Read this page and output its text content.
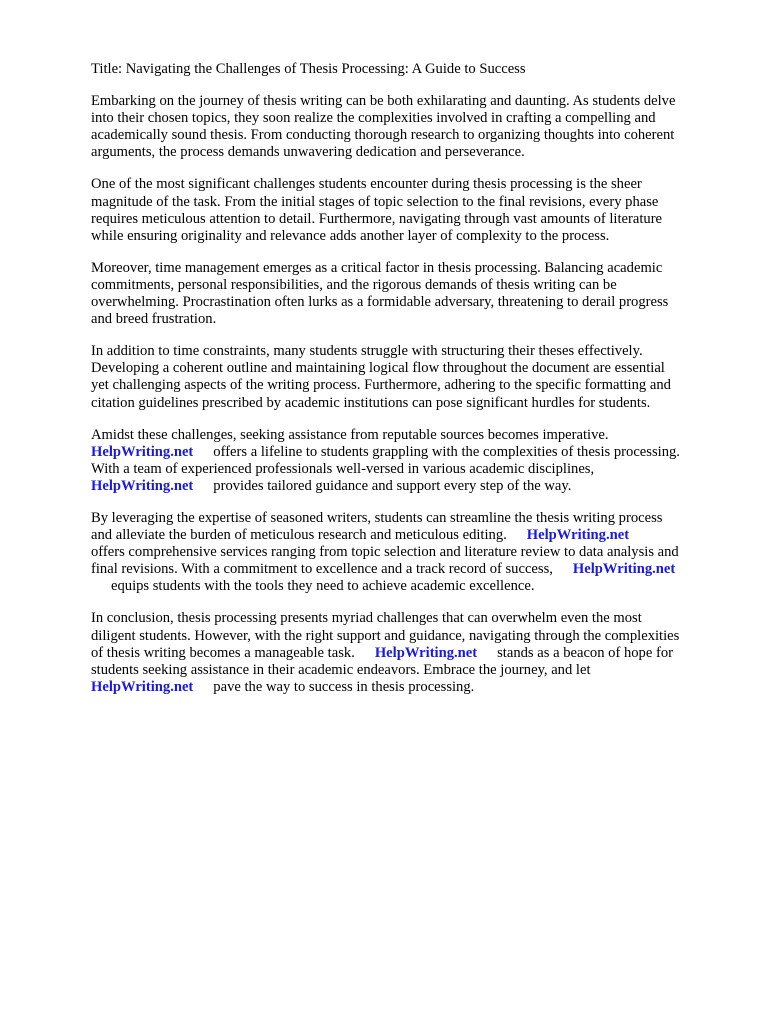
Title: Navigating the Challenges of Thesis Processing: A Guide to Success
Embarking on the journey of thesis writing can be both exhilarating and daunting. As students delve
into their chosen topics, they soon realize the complexities involved in crafting a compelling and
academically sound thesis. From conducting thorough research to organizing thoughts into coherent
arguments, the process demands unwavering dedication and perseverance.
One of the most significant challenges students encounter during thesis processing is the sheer
magnitude of the task. From the initial stages of topic selection to the final revisions, every phase
requires meticulous attention to detail. Furthermore, navigating through vast amounts of literature
while ensuring originality and relevance adds another layer of complexity to the process.
Moreover, time management emerges as a critical factor in thesis processing. Balancing academic
commitments, personal responsibilities, and the rigorous demands of thesis writing can be
overwhelming. Procrastination often lurks as a formidable adversary, threatening to derail progress
and breed frustration.
In addition to time constraints, many students struggle with structuring their theses effectively.
Developing a coherent outline and maintaining logical flow throughout the document are essential
yet challenging aspects of the writing process. Furthermore, adhering to the specific formatting and
citation guidelines prescribed by academic institutions can pose significant hurdles for students.
Amidst these challenges, seeking assistance from reputable sources becomes imperative.
HelpWriting.net offers a lifeline to students grappling with the complexities of thesis processing.
With a team of experienced professionals well-versed in various academic disciplines,
HelpWriting.net provides tailored guidance and support every step of the way.
By leveraging the expertise of seasoned writers, students can streamline the thesis writing process
and alleviate the burden of meticulous research and meticulous editing. HelpWriting.net
offers comprehensive services ranging from topic selection and literature review to data analysis and
final revisions. With a commitment to excellence and a track record of success, HelpWriting.net
equips students with the tools they need to achieve academic excellence.
In conclusion, thesis processing presents myriad challenges that can overwhelm even the most
diligent students. However, with the right support and guidance, navigating through the complexities
of thesis writing becomes a manageable task. HelpWriting.net stands as a beacon of hope for
students seeking assistance in their academic endeavors. Embrace the journey, and let
HelpWriting.net pave the way to success in thesis processing.
